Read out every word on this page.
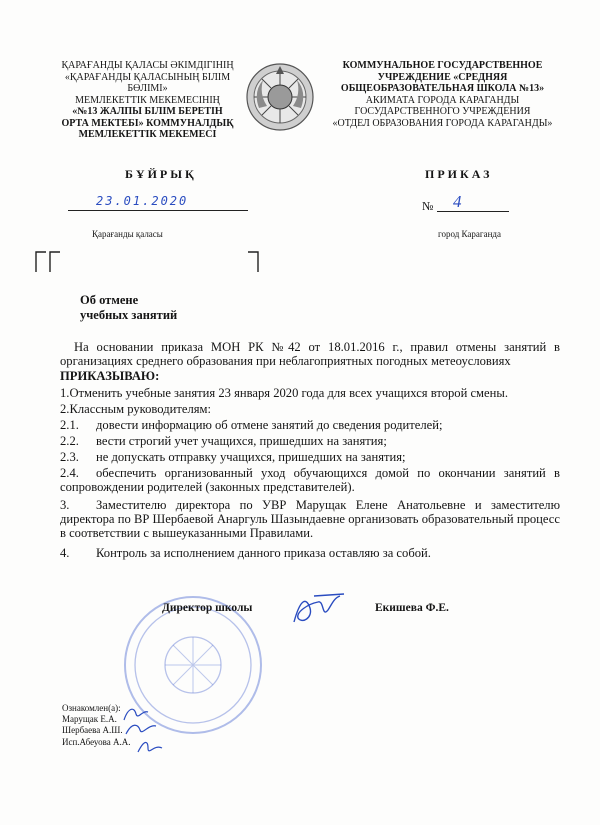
ҚАРАҒАНДЫ ҚАЛАСЫ ӘКІМДІГІНІҢ
«ҚАРАҒАНДЫ ҚАЛАСЫНЫҢ БІЛІМ
БӨЛІМІ»
МЕМЛЕКЕТТІК МЕКЕМЕСІНІҢ
«№13 ЖАЛПЫ БІЛІМ БЕРЕТІН
ОРТА МЕКТЕБІ» КОММУНАЛДЫҚ
МЕМЛЕКЕТТІК МЕКЕМЕСІ
КОММУНАЛЬНОЕ ГОСУДАРСТВЕННОЕ
УЧРЕЖДЕНИЕ «СРЕДНЯЯ
ОБЩЕОБРАЗОВАТЕЛЬНАЯ ШКОЛА №13»
АКИМАТА ГОРОДА КАРАГАНДЫ
ГОСУДАРСТВЕННОГО УЧРЕЖДЕНИЯ
«ОТДЕЛ ОБРАЗОВАНИЯ ГОРОДА КАРАГАНДЫ»
БҰЙРЫҚ	ПРИКАЗ
23.01.2020	№ 4
Қарағанды қаласы	город Караганда
Об отмене
учебных занятий
На основании приказа МОН РК №42 от 18.01.2016 г., правил отмены занятий в организациях среднего образования при неблагоприятных погодных метеоусловиях
ПРИКАЗЫВАЮ:
1.Отменить учебные занятия 23 января 2020 года для всех учащихся второй смены.
2.Классным руководителям:
2.1. довести информацию об отмене занятий до сведения родителей;
2.2. вести строгий учет учащихся, пришедших на занятия;
2.3. не допускать отправку учащихся, пришедших на занятия;
2.4. обеспечить организованный уход обучающихся домой по окончании занятий в сопровождении родителей (законных представителей).
3. Заместителю директора по УВР Марущак Елене Анатольевне и заместителю директора по ВР Шербаевой Анаргуль Шазындаевне организовать образовательный процесс в соответствии с вышеуказанными Правилами.
4. Контроль за исполнением данного приказа оставляю за собой.
Директор школы	Екишева Ф.Е.
Ознакомлен(а):
Марущак Е.А.
Шербаева А.Ш.
Исп.Абеуова А.А.
